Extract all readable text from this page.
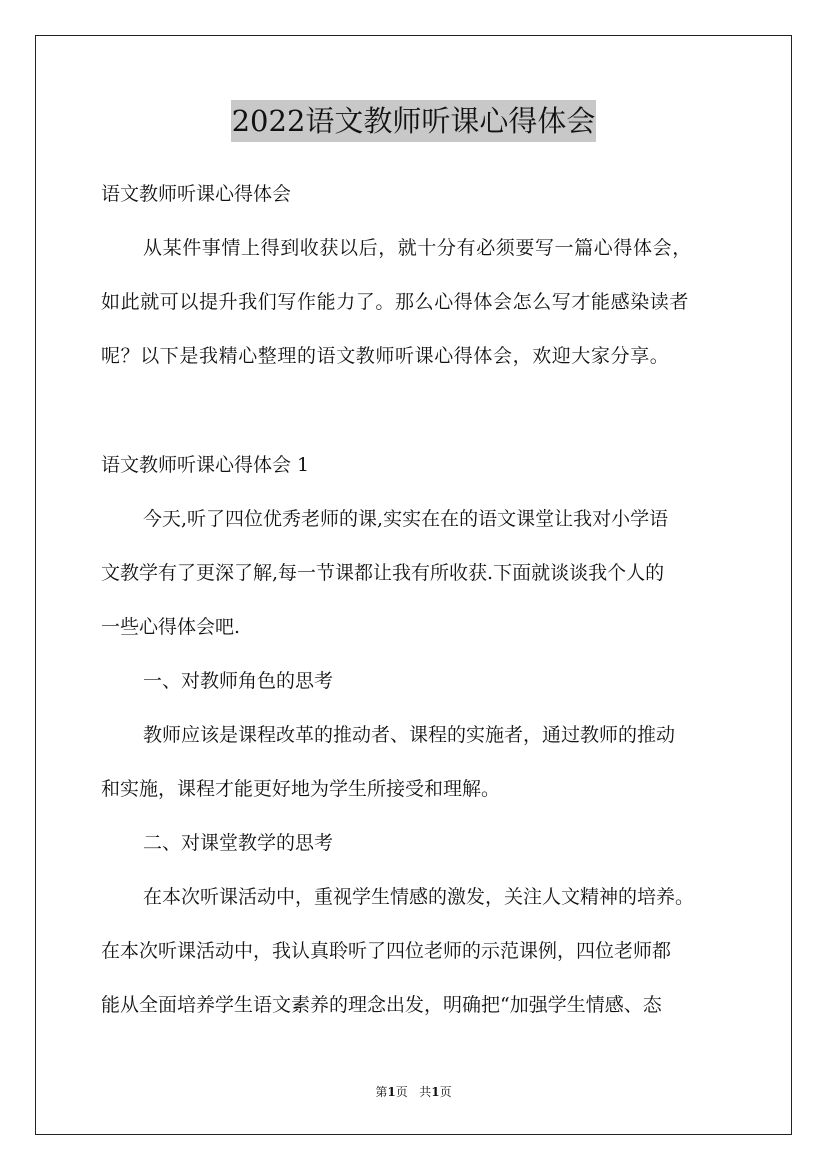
2022语文教师听课心得体会
语文教师听课心得体会
从某件事情上得到收获以后，就十分有必须要写一篇心得体会，
如此就可以提升我们写作能力了。那么心得体会怎么写才能感染读者
呢？以下是我精心整理的语文教师听课心得体会，欢迎大家分享。
语文教师听课心得体会 1
今天,听了四位优秀老师的课,实实在在的语文课堂让我对小学语
文教学有了更深了解,每一节课都让我有所收获.下面就谈谈我个人的
一些心得体会吧.
一、对教师角色的思考
教师应该是课程改革的推动者、课程的实施者，通过教师的推动
和实施，课程才能更好地为学生所接受和理解。
二、对课堂教学的思考
在本次听课活动中，重视学生情感的激发，关注人文精神的培养。
在本次听课活动中，我认真聆听了四位老师的示范课例，四位老师都
能从全面培养学生语文素养的理念出发，明确把“加强学生情感、态
第1页 共1页
